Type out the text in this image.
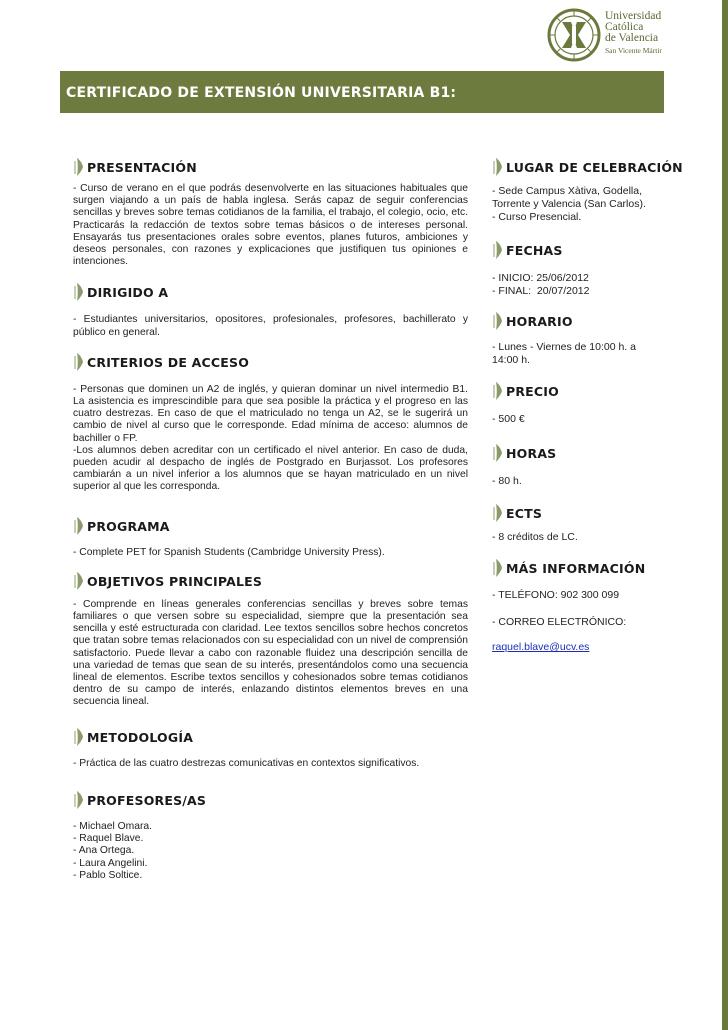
Universidad
Católica
de Valencia
San Vicente Mártir
CERTIFICADO DE EXTENSIÓN UNIVERSITARIA B1:
PRESENTACIÓN
- Curso de verano en el que podrás desenvolverte en las situaciones habituales que surgen viajando a un país de habla inglesa. Serás capaz de seguir conferencias sencillas y breves sobre temas cotidianos de la familia, el trabajo, el colegio, ocio, etc. Practicarás la redacción de textos sobre temas básicos o de intereses personal. Ensayarás tus presentaciones orales sobre eventos, planes futuros, ambiciones y deseos personales, con razones y explicaciones que justifiquen tus opiniones e intenciones.
DIRIGIDO A
- Estudiantes universitarios, opositores, profesionales, profesores, bachillerato y público en general.
CRITERIOS DE ACCESO
- Personas que dominen un A2 de inglés, y quieran dominar un nivel intermedio B1. La asistencia es imprescindible para que sea posible la práctica y el progreso en las cuatro destrezas. En caso de que el matriculado no tenga un A2, se le sugerirá un cambio de nivel al curso que le corresponde. Edad mínima de acceso: alumnos de bachiller o FP.
-Los alumnos deben acreditar con un certificado el nivel anterior. En caso de duda, pueden acudir al despacho de inglés de Postgrado en Burjassot. Los profesores cambiarán a un nivel inferior a los alumnos que se hayan matriculado en un nivel superior al que les corresponda.
PROGRAMA
- Complete PET for Spanish Students (Cambridge University Press).
OBJETIVOS PRINCIPALES
- Comprende en líneas generales conferencias sencillas y breves sobre temas familiares o que versen sobre su especialidad, siempre que la presentación sea sencilla y esté estructurada con claridad. Lee textos sencillos sobre hechos concretos que tratan sobre temas relacionados con su especialidad con un nivel de comprensión satisfactorio. Puede llevar a cabo con razonable fluidez una descripción sencilla de una variedad de temas que sean de su interés, presentándolos como una secuencia lineal de elementos. Escribe textos sencillos y cohesionados sobre temas cotidianos dentro de su campo de interés, enlazando distintos elementos breves en una secuencia lineal.
METODOLOGÍA
- Práctica de las cuatro destrezas comunicativas en contextos significativos.
PROFESORES/AS
- Michael Omara.
- Raquel Blave.
- Ana Ortega.
- Laura Angelini.
- Pablo Soltice.
LUGAR DE CELEBRACIÓN
- Sede Campus Xàtiva, Godella,
Torrente y Valencia (San Carlos).
- Curso Presencial.
FECHAS
- INICIO: 25/06/2012
- FINAL:  20/07/2012
HORARIO
- Lunes - Viernes de 10:00 h. a
14:00 h.
PRECIO
- 500 €
HORAS
- 80 h.
ECTS
- 8 créditos de LC.
MÁS INFORMACIÓN
- TELÉFONO: 902 300 099
- CORREO ELECTRÓNICO:
raquel.blave@ucv.es
